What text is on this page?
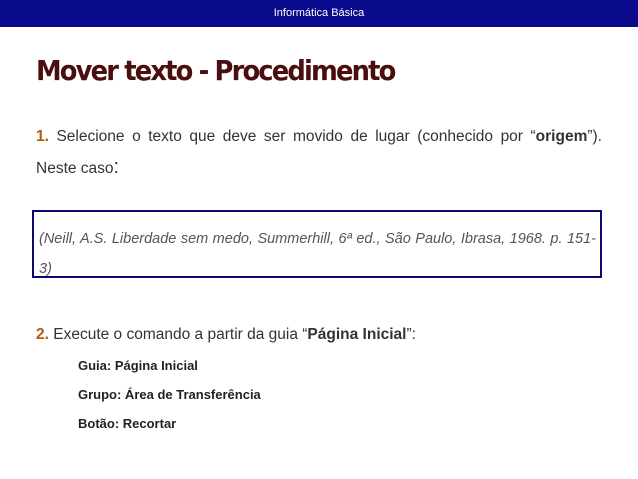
Informática Básica
Mover texto - Procedimento
1. Selecione o texto que deve ser movido de lugar (conhecido por “origem”). Neste caso:
(Neill, A.S. Liberdade sem medo, Summerhill, 6ª ed., São Paulo, Ibrasa, 1968. p. 151-3)
2. Execute o comando a partir da guia “Página Inicial”:
Guia: Página Inicial
Grupo: Área de Transferência
Botão: Recortar
